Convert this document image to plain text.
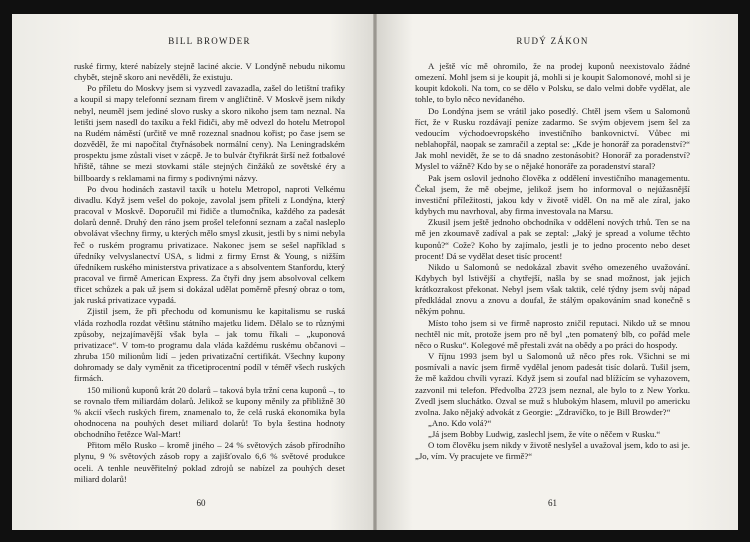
BILL BROWDER

ruské firmy, které nabízely stejně laciné akcie. V Londýně nebudu nikomu chybět, stejně skoro ani nevěděli, že existuju.

Po příletu do Moskvy jsem si vyzvedl zavazadla, zašel do letištní trafiky a koupil si mapy telefonní seznam firem v angličtině. V Moskvě jsem nikdy nebyl, neuměl jsem jediné slovo rusky a skoro nikoho jsem tam neznal. Na letišti jsem nasedl do taxíku a řekl řidiči, aby mě odvezl do hotelu Metropol na Rudém náměstí (určitě ve mně rozeznal snadnou kořist; po čase jsem se dozvěděl, že mi napočítal čtyřnásobek normální ceny). Na Leningradském prospektu jsme zůstali viset v zácpě. Je to bulvár čtyřikrát širší než fotbalové hřiště, táhne se mezi stovkami stále stejných činžáků ze sovětské éry a billboardy s reklamami na firmy s podivnými názvy.

Po dvou hodinách zastavil taxík u hotelu Metropol, naproti Velkému divadlu. Když jsem vešel do pokoje, zavolal jsem příteli z Londýna, který pracoval v Moskvě. Doporučil mi řidiče a tlumočníka, každého za padesát dolarů denně. Druhý den ráno jsem prošel telefonní seznam a začal nasleplo obvolávat všechny firmy, u kterých mělo smysl zkusit, jestli by s nimi nebyla řeč o ruském programu privatizace. Nakonec jsem se sešel například s úředníky velvyslanectví USA, s lidmi z firmy Ernst & Young, s nižším úředníkem ruského ministerstva privatizace a s absolventem Stanfordu, který pracoval ve firmě American Express. Za čtyři dny jsem absolvoval celkem třicet schůzek a pak už jsem si dokázal udělat poměrně přesný obraz o tom, jak ruská privatizace vypadá.

Zjistil jsem, že při přechodu od komunismu ke kapitalismu se ruská vláda rozhodla rozdat většinu státního majetku lidem. Dělalo se to různými způsoby, nejzajímavější však byla – jak tomu říkali – „kuponová privatizace“. V tom-to programu dala vláda každému ruskému občanovi – zhruba 150 milionům lidí – jeden privatizační certifikát. Všechny kupony dohromady se daly vyměnit za třicetiprocentní podíl v téměř všech ruských firmách.

150 milionů kuponů krát 20 dolarů – taková byla tržní cena kuponů –, to se rovnalo třem miliardám dolarů. Jelikož se kupony měnily za přibližně 30 % akcií všech ruských firem, znamenalo to, že celá ruská ekonomika byla ohodnocena na pouhých deset miliard dolarů! To byla šestina hodnoty obchodního řetězce Wal-Mart!

Přitom mělo Rusko – kromě jiného – 24 % světových zásob přírodního plynu, 9 % světových zásob ropy a zajišťovalo 6,6 % světové produkce oceli. A tenhle neuvěřitelný poklad zdrojů se nabízel za pouhých deset miliard dolarů!

60
RUDÝ ZÁKON

A ještě víc mě ohromilo, že na prodej kuponů neexistovalo žádné omezení. Mohl jsem si je koupit já, mohli si je koupit Salomonové, mohl si je koupit kdokoli. Na tom, co se dělo v Polsku, se dalo velmi dobře vydělat, ale tohle, to bylo něco nevídaného.

Do Londýna jsem se vrátil jako posedlý. Chtěl jsem všem u Salomonů říct, že v Rusku rozdávají peníze zadarmo. Se svým objevem jsem šel za vedoucím východoevropského investičního bankovnictví. Vůbec mi neblahopřál, naopak se zamračil a zeptal se: „Kde je honorář za poradenství?“ Jak mohl nevidět, že se to dá snadno zestonásobit? Honorář za poradenství? Myslel to vážně? Kdo by se o nějaké honoráře za poradenství staral?

Pak jsem oslovil jednoho člověka z oddělení investičního managementu. Čekal jsem, že mě obejme, jelikož jsem ho informoval o nejúžasnější investiční příležitosti, jakou kdy v životě viděl. On na mě ale zíral, jako kdybych mu navrhoval, aby firma investovala na Marsu.

Zkusil jsem ještě jednoho obchodníka v oddělení nových trhů. Ten se na mě jen zkoumavě zadíval a pak se zeptal: „Jaký je spread a volume těchto kuponů?“ Cože? Koho by zajímalo, jestli je to jedno procento nebo deset procent! Dá se vydělat deset tisíc procent!

Nikdo u Salomonů se nedokázal zbavit svého omezeného uvažování. Kdybych byl lstivější a chytřejší, našla by se snad možnost, jak jejich krátkozrakost překonat. Nebyl jsem však taktik, celé týdny jsem svůj nápad předkládal znovu a znovu a doufal, že stálým opakováním snad konečně s někým pohnu.

Místo toho jsem si ve firmě naprosto zničil reputaci. Nikdo už se mnou nechtěl nic mít, protože jsem pro ně byl „ten pomatený blb, co pořád mele něco o Rusku“. Kolegové mě přestali zvát na obědy a po práci do hospody.

V říjnu 1993 jsem byl u Salomonů už něco přes rok. Všichni se mi posmívali a navíc jsem firmě vydělal jenom padesát tisíc dolarů. Tušil jsem, že mě každou chvíli vyrazí. Když jsem si zoufal nad blížícím se vyhazovem, zazvonil mi telefon. Předvolba 2723 jsem neznal, ale bylo to z New Yorku. Zvedl jsem sluchátko. Ozval se muž s hlubokým hlasem, mluvil po americku zvolna. Jako nějaký advokát z Georgie: „Zdravíčko, to je Bill Browder?“

„Ano. Kdo volá?“

„Já jsem Bobby Ludwig, zaslechl jsem, že víte o něčem v Rusku.“

O tom člověku jsem nikdy v životě neslyšel a uvažoval jsem, kdo to asi je. „Jo, vím. Vy pracujete ve firmě?“

61
